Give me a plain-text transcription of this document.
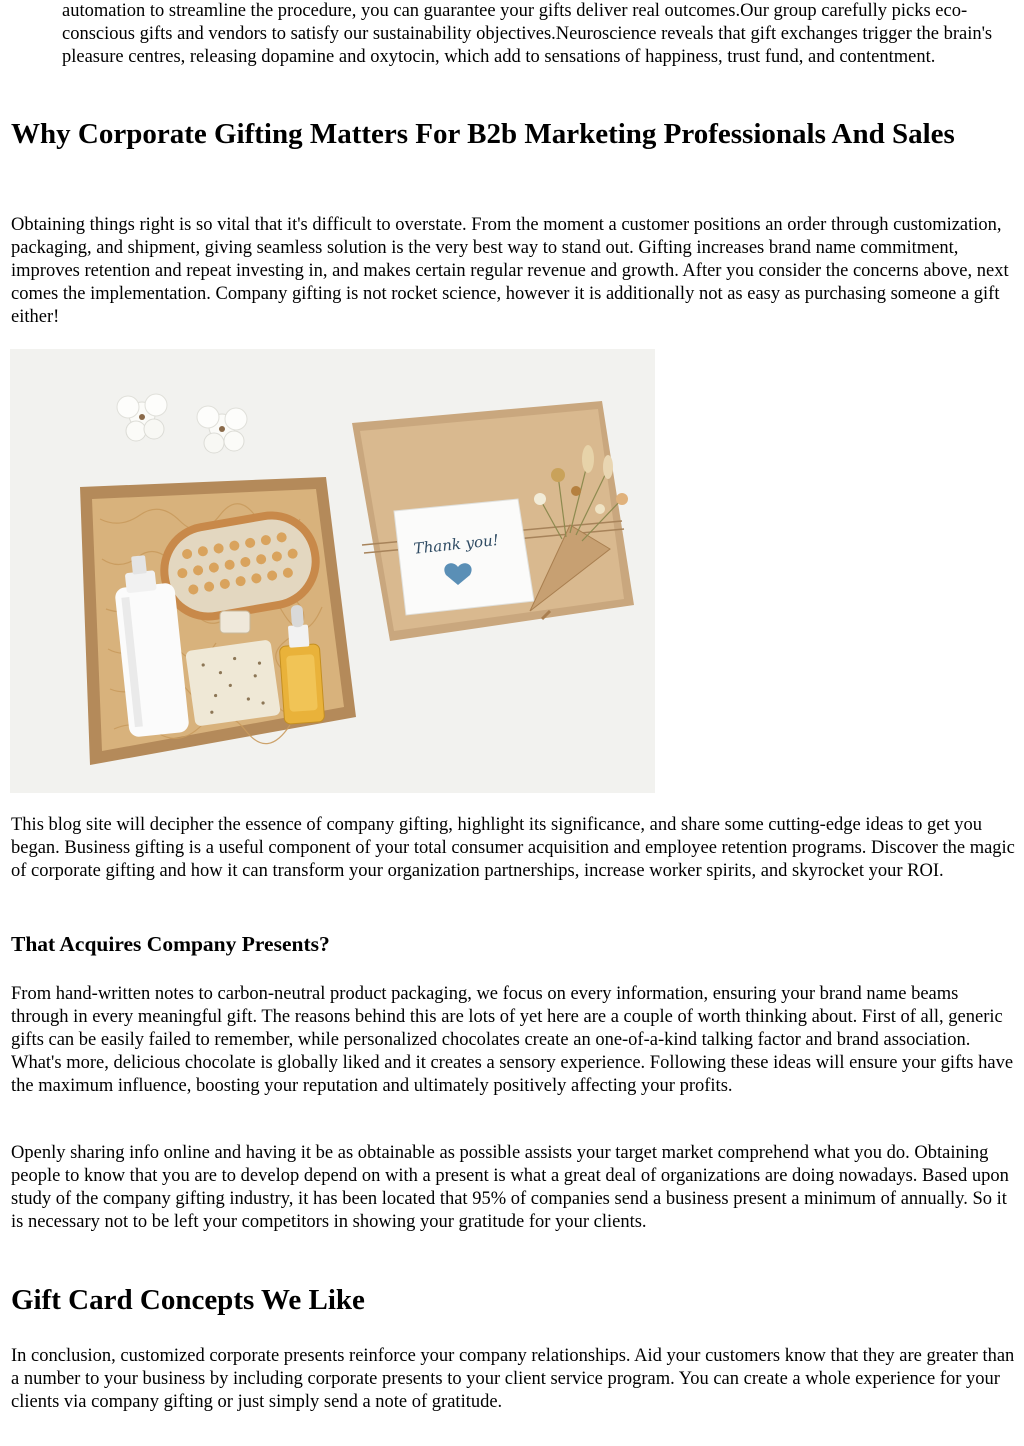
automation to streamline the procedure, you can guarantee your gifts deliver real outcomes.Our group carefully picks eco-conscious gifts and vendors to satisfy our sustainability objectives.Neuroscience reveals that gift exchanges trigger the brain's pleasure centres, releasing dopamine and oxytocin, which add to sensations of happiness, trust fund, and contentment.

Why Corporate Gifting Matters For B2b Marketing Professionals And Sales

Obtaining things right is so vital that it's difficult to overstate. From the moment a customer positions an order through customization, packaging, and shipment, giving seamless solution is the very best way to stand out. Gifting increases brand name commitment, improves retention and repeat investing in, and makes certain regular revenue and growth. After you consider the concerns above, next comes the implementation. Company gifting is not rocket science, however it is additionally not as easy as purchasing someone a gift either!

Thank you!

This blog site will decipher the essence of company gifting, highlight its significance, and share some cutting-edge ideas to get you began. Business gifting is a useful component of your total consumer acquisition and employee retention programs. Discover the magic of corporate gifting and how it can transform your organization partnerships, increase worker spirits, and skyrocket your ROI.

That Acquires Company Presents?

From hand-written notes to carbon-neutral product packaging, we focus on every information, ensuring your brand name beams through in every meaningful gift. The reasons behind this are lots of yet here are a couple of worth thinking about. First of all, generic gifts can be easily failed to remember, while personalized chocolates create an one-of-a-kind talking factor and brand association. What's more, delicious chocolate is globally liked and it creates a sensory experience. Following these ideas will ensure your gifts have the maximum influence, boosting your reputation and ultimately positively affecting your profits.

Openly sharing info online and having it be as obtainable as possible assists your target market comprehend what you do. Obtaining people to know that you are to develop depend on with a present is what a great deal of organizations are doing nowadays. Based upon study of the company gifting industry, it has been located that 95% of companies send a business present a minimum of annually. So it is necessary not to be left your competitors in showing your gratitude for your clients.

Gift Card Concepts We Like

In conclusion, customized corporate presents reinforce your company relationships. Aid your customers know that they are greater than a number to your business by including corporate presents to your client service program. You can create a whole experience for your clients via company gifting or just simply send a note of gratitude.
